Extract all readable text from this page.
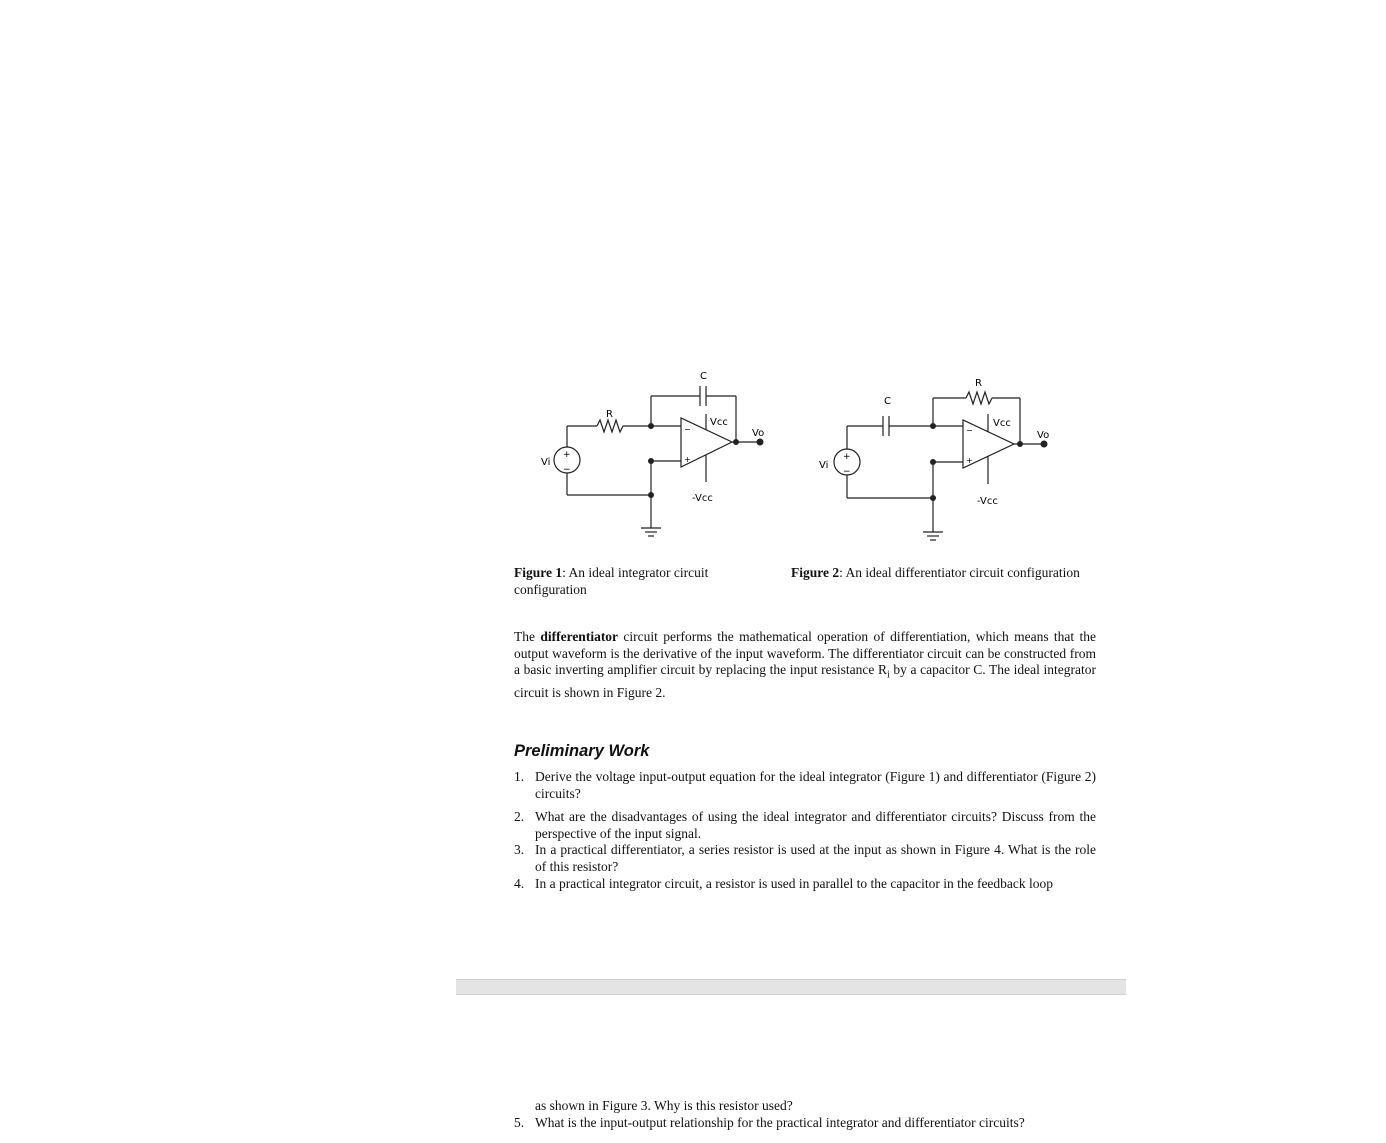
C
R
Vcc
-Vcc
Vo
Vi
+
−
−
+
C
R
Vcc
-Vcc
Vo
Vi
+
−
−
+
Figure 1: An ideal integrator circuit configuration
Figure 2: An ideal differentiator circuit configuration
The differentiator circuit performs the mathematical operation of differentiation, which means that the output waveform is the derivative of the input waveform. The differentiator circuit can be constructed from a basic inverting amplifier circuit by replacing the input resistance $R_i$ by a capacitor C. The ideal integrator circuit is shown in Figure 2.
Preliminary Work
1. Derive the voltage input-output equation for the ideal integrator (Figure 1) and differentiator (Figure 2) circuits?
2. What are the disadvantages of using the ideal integrator and differentiator circuits? Discuss from the perspective of the input signal.
3. In a practical differentiator, a series resistor is used at the input as shown in Figure 4. What is the role of this resistor?
4. In a practical integrator circuit, a resistor is used in parallel to the capacitor in the feedback loop
as shown in Figure 3. Why is this resistor used?
5. What is the input-output relationship for the practical integrator and differentiator circuits?
